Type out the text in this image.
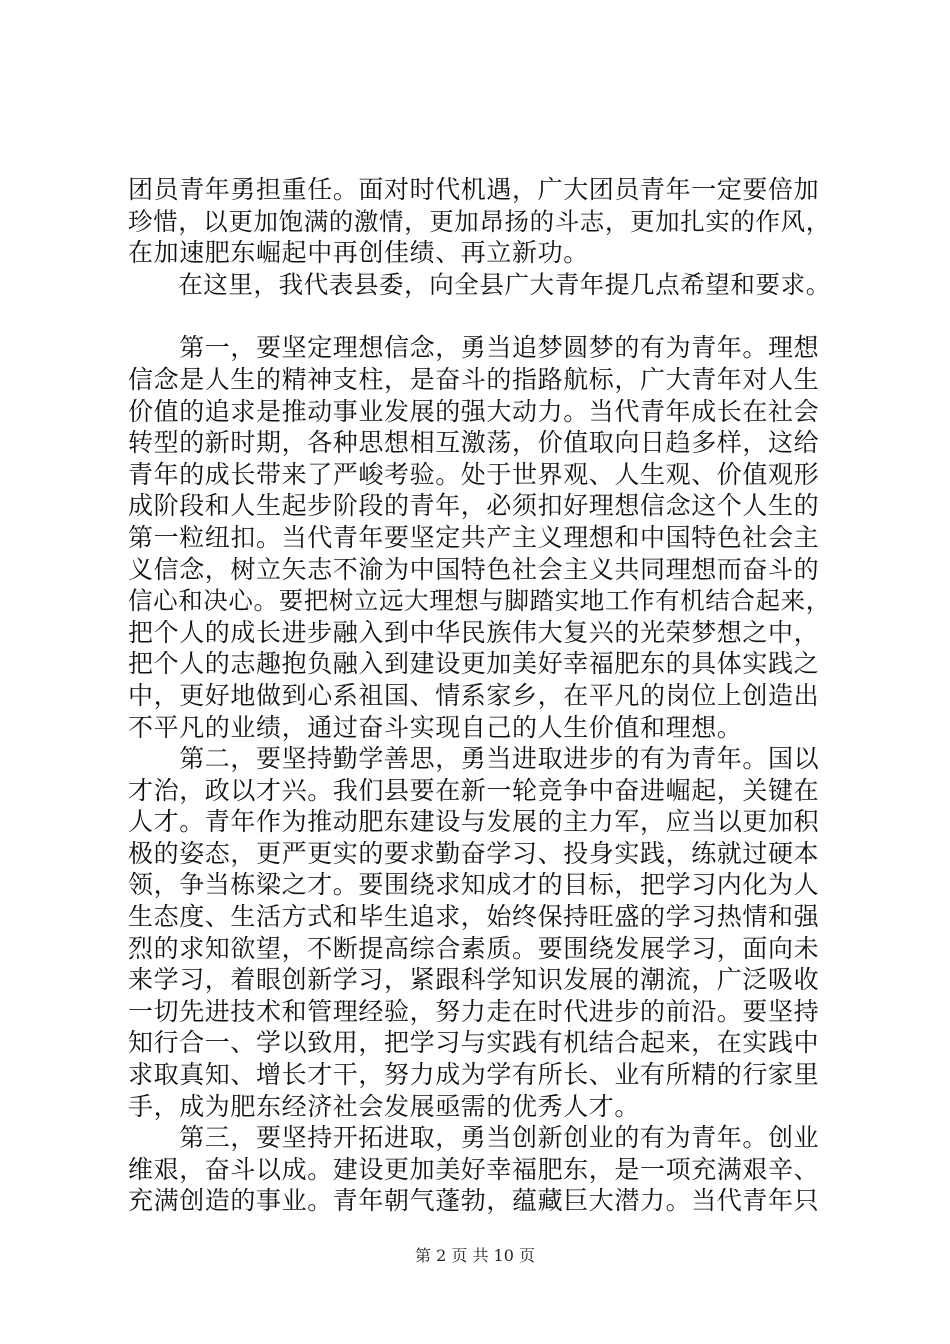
团员青年勇担重任。面对时代机遇，广大团员青年一定要倍加
珍惜，以更加饱满的激情，更加昂扬的斗志，更加扎实的作风，
在加速肥东崛起中再创佳绩、再立新功。
　　在这里，我代表县委，向全县广大青年提几点希望和要求。
　　第一，要坚定理想信念，勇当追梦圆梦的有为青年。理想
信念是人生的精神支柱，是奋斗的指路航标，广大青年对人生
价值的追求是推动事业发展的强大动力。当代青年成长在社会
转型的新时期，各种思想相互激荡，价值取向日趋多样，这给
青年的成长带来了严峻考验。处于世界观、人生观、价值观形
成阶段和人生起步阶段的青年，必须扣好理想信念这个人生的
第一粒纽扣。当代青年要坚定共产主义理想和中国特色社会主
义信念，树立矢志不渝为中国特色社会主义共同理想而奋斗的
信心和决心。要把树立远大理想与脚踏实地工作有机结合起来，
把个人的成长进步融入到中华民族伟大复兴的光荣梦想之中，
把个人的志趣抱负融入到建设更加美好幸福肥东的具体实践之
中，更好地做到心系祖国、情系家乡，在平凡的岗位上创造出
不平凡的业绩，通过奋斗实现自己的人生价值和理想。
　　第二，要坚持勤学善思，勇当进取进步的有为青年。国以
才治，政以才兴。我们县要在新一轮竞争中奋进崛起，关键在
人才。青年作为推动肥东建设与发展的主力军，应当以更加积
极的姿态，更严更实的要求勤奋学习、投身实践，练就过硬本
领，争当栋梁之才。要围绕求知成才的目标，把学习内化为人
生态度、生活方式和毕生追求，始终保持旺盛的学习热情和强
烈的求知欲望，不断提高综合素质。要围绕发展学习，面向未
来学习，着眼创新学习，紧跟科学知识发展的潮流，广泛吸收
一切先进技术和管理经验，努力走在时代进步的前沿。要坚持
知行合一、学以致用，把学习与实践有机结合起来，在实践中
求取真知、增长才干，努力成为学有所长、业有所精的行家里
手，成为肥东经济社会发展亟需的优秀人才。
　　第三，要坚持开拓进取，勇当创新创业的有为青年。创业
维艰，奋斗以成。建设更加美好幸福肥东，是一项充满艰辛、
充满创造的事业。青年朝气蓬勃，蕴藏巨大潜力。当代青年只
第 2 页 共 10 页
